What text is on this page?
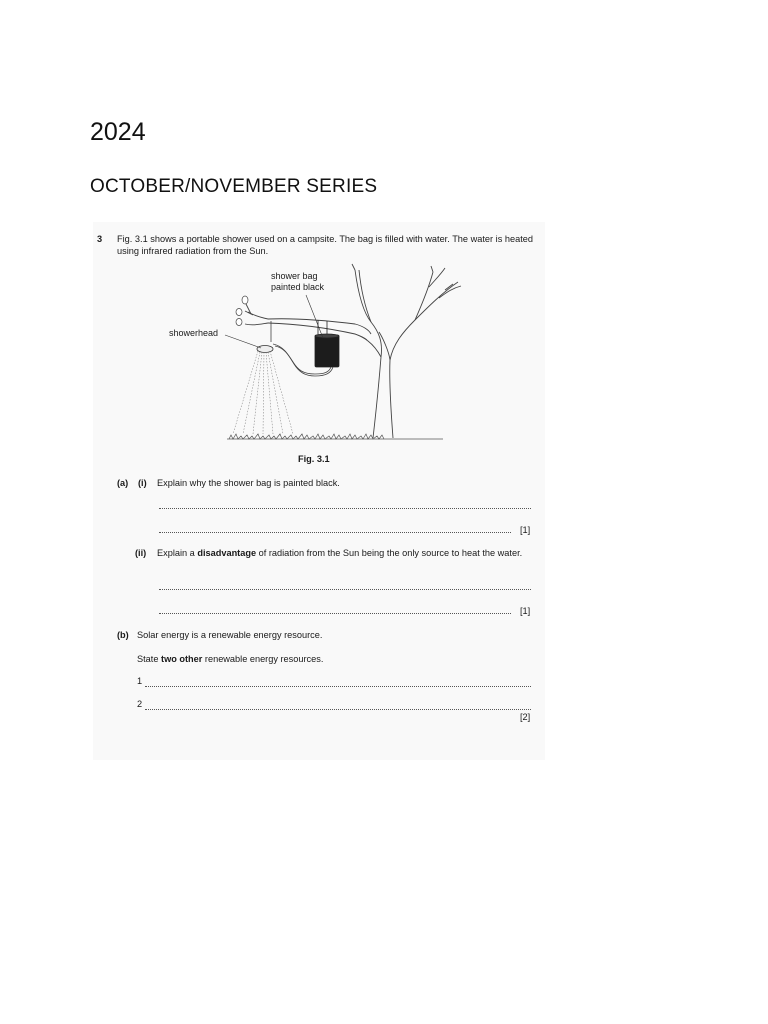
2024
OCTOBER/NOVEMBER SERIES
3 Fig. 3.1 shows a portable shower used on a campsite. The bag is filled with water. The water is heated using infrared radiation from the Sun.
shower bag
painted black
showerhead
Fig. 3.1
(a) (i) Explain why the shower bag is painted black.
[1]
(ii) Explain a disadvantage of radiation from the Sun being the only source to heat the water.
[1]
(b) Solar energy is a renewable energy resource.
State two other renewable energy resources.
1
2
[2]
